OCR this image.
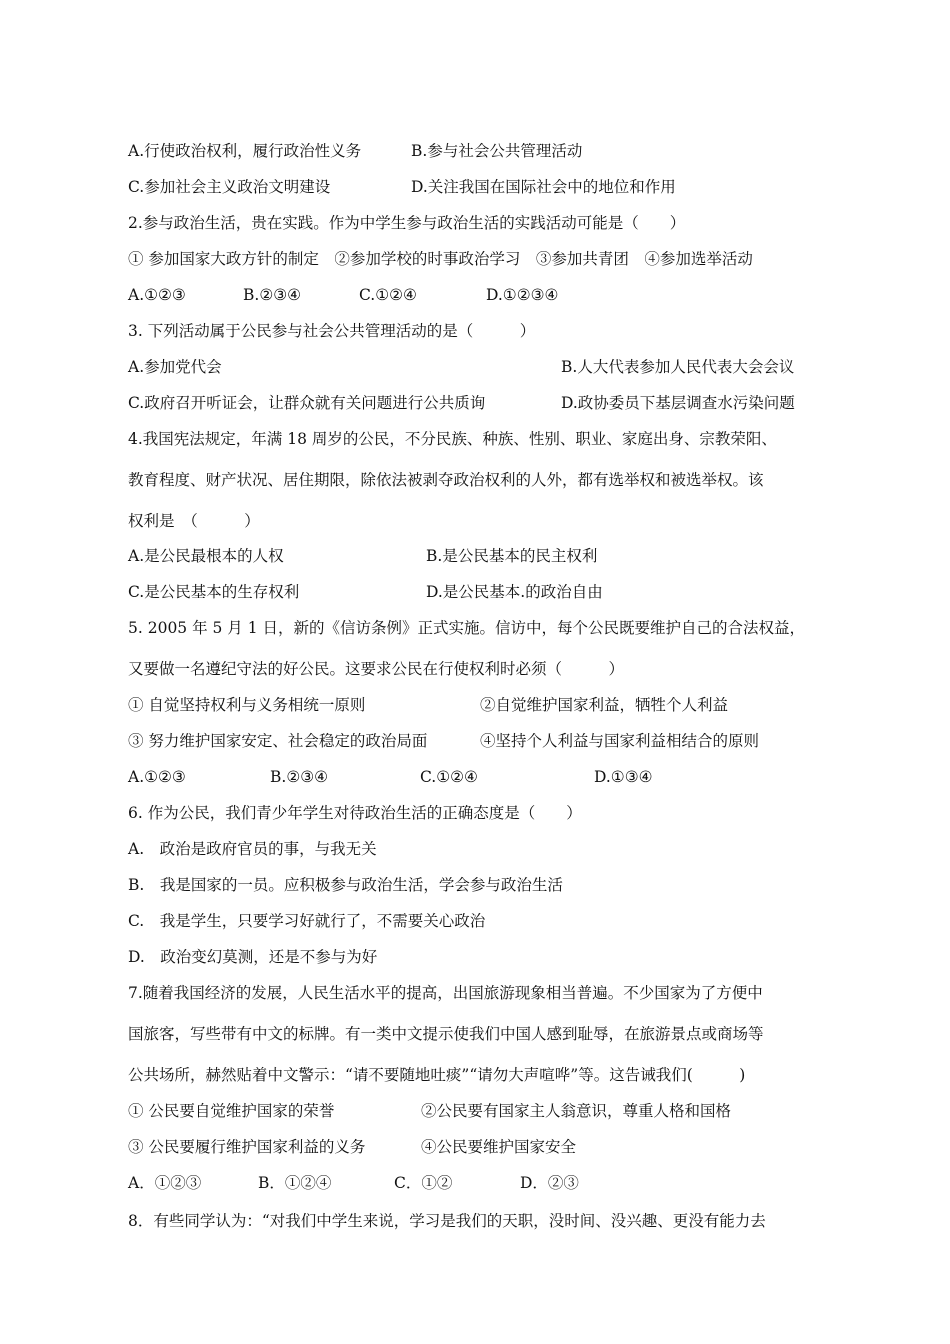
A.行使政治权利，履行政治性义务	B.参与社会公共管理活动
C.参加社会主义政治文明建设	D.关注我国在国际社会中的地位和作用
2.参与政治生活，贵在实践。作为中学生参与政治生活的实践活动可能是（　　）
① 参加国家大政方针的制定　②参加学校的时事政治学习　③参加共青团　④参加选举活动
A.①②③	B.②③④	C.①②④	D.①②③④
3. 下列活动属于公民参与社会公共管理活动的是（　　　）
A.参加党代会	B.人大代表参加人民代表大会会议
C.政府召开听证会，让群众就有关问题进行公共质询	D.政协委员下基层调查水污染问题
4.我国宪法规定，年满 18 周岁的公民，不分民族、种族、性别、职业、家庭出身、宗教荣阳、
教育程度、财产状况、居住期限，除依法被剥夺政治权利的人外，都有选举权和被选举权。该
权利是　（　　　）
A.是公民最根本的人权	B.是公民基本的民主权利
C.是公民基本的生存权利	D.是公民基本.的政治自由
5. 2005 年 5 月 1 日，新的《信访条例》正式实施。信访中，每个公民既要维护自己的合法权益，
又要做一名遵纪守法的好公民。这要求公民在行使权利时必须（　　　）
① 自觉坚持权利与义务相统一原则	②自觉维护国家利益，牺牲个人利益
③ 努力维护国家安定、社会稳定的政治局面	④坚持个人利益与国家利益相结合的原则
A.①②③	B.②③④	C.①②④	D.①③④
6. 作为公民，我们青少年学生对待政治生活的正确态度是（　　）
A.　政治是政府官员的事，与我无关
B.　我是国家的一员。应积极参与政治生活，学会参与政治生活
C.　我是学生，只要学习好就行了，不需要关心政治
D.　政治变幻莫测，还是不参与为好
7.随着我国经济的发展，人民生活水平的提高，出国旅游现象相当普遍。不少国家为了方便中
国旅客，写些带有中文的标牌。有一类中文提示使我们中国人感到耻辱，在旅游景点或商场等
公共场所，赫然贴着中文警示：“请不要随地吐痰”“请勿大声喧哗”等。这告诫我们(　　　)
① 公民要自觉维护国家的荣誉	②公民要有国家主人翁意识，尊重人格和国格
③ 公民要履行维护国家利益的义务	④公民要维护国家安全
A．①②③	B．①②④	C．①②	D．②③
8．有些同学认为：“对我们中学生来说，学习是我们的天职，没时间、没兴趣、更没有能力去
